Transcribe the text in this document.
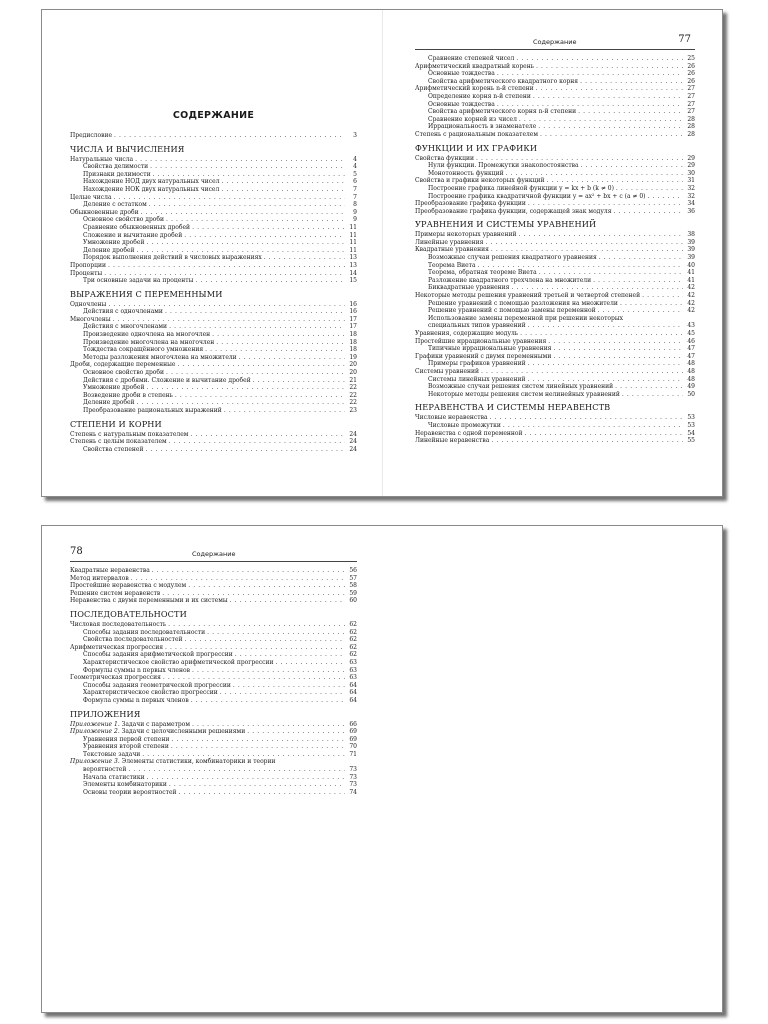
Содержание	77
СОДЕРЖАНИЕ
Предисловие . . .	3
ЧИСЛА И ВЫЧИСЛЕНИЯ
Натуральные числа . . .	4
Свойства делимости . . .	4
Признаки делимости . . .	5
Нахождение НОД двух натуральных чисел . . .	6
Нахождение НОК двух натуральных чисел . . .	7
Целые числа . . .	7
Деление с остатком . . .	8
Обыкновенные дроби . . .	9
Основное свойство дроби . . .	9
Сравнение обыкновенных дробей . . .	11
Сложение и вычитание дробей . . .	11
Умножение дробей . . .	11
Деление дробей . . .	11
Порядок выполнения действий в числовых выражениях . . .	13
Пропорции . . .	13
Проценты . . .	14
Три основные задачи на проценты . . .	15
ВЫРАЖЕНИЯ С ПЕРЕМЕННЫМИ
Одночлены . . .	16
Действия с одночленами . . .	16
Многочлены . . .	17
Действия с многочленами . . .	17
Произведение одночлена на многочлен . . .	18
Произведение многочлена на многочлен . . .	18
Тождества сокращённого умножения . . .	18
Методы разложения многочлена на множители . . .	19
Дроби, содержащие переменные . . .	20
Основное свойство дроби . . .	20
Действия с дробями. Сложение и вычитание дробей . . .	21
Умножение дробей . . .	22
Возведение дроби в степень . . .	22
Деление дробей . . .	22
Преобразование рациональных выражений . . .	23
СТЕПЕНИ И КОРНИ
Степень с натуральным показателем . . .	24
Степень с целым показателем . . .	24
Свойства степеней . . .	24
Сравнение степеней чисел . . .	25
Арифметический квадратный корень . . .	26
Основные тождества . . .	26
Свойства арифметического квадратного корня . . .	26
Арифметический корень n-й степени . . .	27
Определение корня n-й степени . . .	27
Основные тождества . . .	27
Свойства арифметического корня n-й степени . . .	27
Сравнение корней из чисел . . .	28
Иррациональность в знаменателе . . .	28
Степень с рациональным показателем . . .	28
ФУНКЦИИ И ИХ ГРАФИКИ
Свойства функции . . .	29
Нули функции. Промежутки знакопостоянства . . .	29
Монотонность функций . . .	30
Свойства и графики некоторых функций . . .	31
Построение графика линейной функции y = kx + b (k ≠ 0) . . .	32
Построение графика квадратичной функции y = ax² + bx + c (a ≠ 0) . . .	32
Преобразование графика функции . . .	34
Преобразование графика функции, содержащей знак модуля . . .	36
УРАВНЕНИЯ И СИСТЕМЫ УРАВНЕНИЙ
Примеры некоторых уравнений . . .	38
Линейные уравнения . . .	39
Квадратные уравнения . . .	39
Возможные случаи решения квадратного уравнения . . .	39
Теорема Виета . . .	40
Теорема, обратная теореме Виета . . .	41
Разложение квадратного трехчлена на множители . . .	41
Биквадратные уравнения . . .	42
Некоторые методы решения уравнений третьей и четвертой степеней . . .	42
Решение уравнений с помощью разложения на множители . . .	42
Решение уравнений с помощью замены переменной . . .	42
Использование замены переменной при решении некоторых
специальных типов уравнений . . .	43
Уравнения, содержащие модуль . . .	45
Простейшие иррациональные уравнения . . .	46
Типичные иррациональные уравнения . . .	47
Графики уравнений с двумя переменными . . .	47
Примеры графиков уравнений . . .	48
Системы уравнений . . .	48
Системы линейных уравнений . . .	48
Возможные случаи решения систем линейных уравнений . . .	49
Некоторые методы решения систем нелинейных уравнений . . .	50
НЕРАВЕНСТВА И СИСТЕМЫ НЕРАВЕНСТВ
Числовые неравенства . . .	53
Числовые промежутки . . .	53
Неравенства с одной переменной . . .	54
Линейные неравенства . . .	55
78	Содержание
Квадратные неравенства . . .	56
Метод интервалов . . .	57
Простейшие неравенства с модулем . . .	58
Решение систем неравенств . . .	59
Неравенства с двумя переменными и их системы . . .	60
ПОСЛЕДОВАТЕЛЬНОСТИ
Числовая последовательность . . .	62
Способы задания последовательности . . .	62
Свойства последовательностей . . .	62
Арифметическая прогрессия . . .	62
Способы задания арифметической прогрессии . . .	62
Характеристическое свойство арифметической прогрессии . . .	63
Формулы суммы n первых членов . . .	63
Геометрическая прогрессия . . .	63
Способы задания геометрической прогрессии . . .	64
Характеристическое свойство прогрессии . . .	64
Формула суммы n первых членов . . .	64
ПРИЛОЖЕНИЯ
Приложение 1. Задачи с параметром . . .	66
Приложение 2. Задачи с целочисленными решениями . . .	69
Уравнения первой степени . . .	69
Уравнения второй степени . . .	70
Текстовые задачи . . .	71
Приложение 3. Элементы статистики, комбинаторики и теории
вероятностей . . .	73
Начала статистики . . .	73
Элементы комбинаторики . . .	73
Основы теории вероятностей . . .	74
